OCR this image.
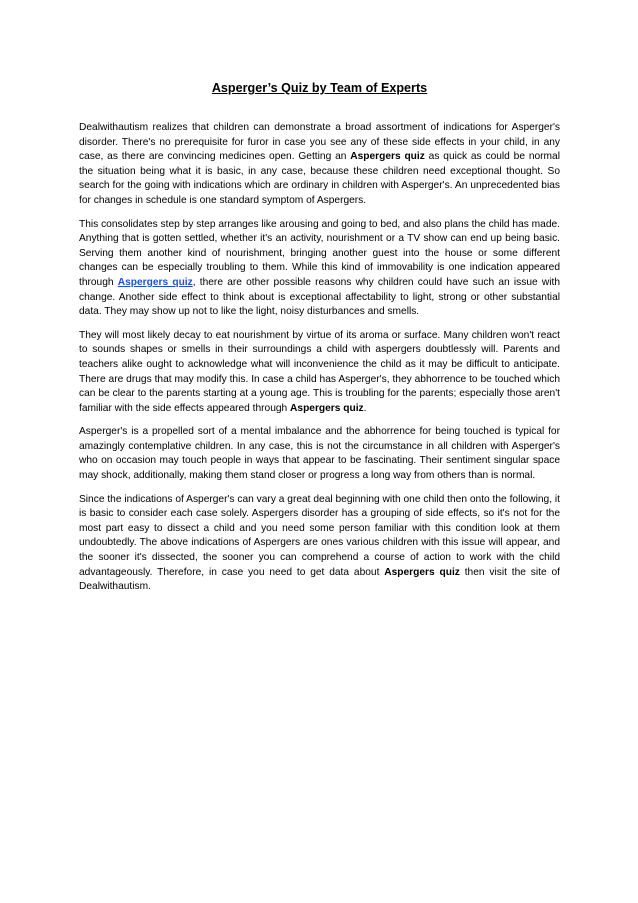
Asperger’s Quiz by Team of Experts

Dealwithautism realizes that children can demonstrate a broad assortment of indications for Asperger's disorder. There's no prerequisite for furor in case you see any of these side effects in your child, in any case, as there are convincing medicines open. Getting an Aspergers quiz as quick as could be normal the situation being what it is basic, in any case, because these children need exceptional thought. So search for the going with indications which are ordinary in children with Asperger's. An unprecedented bias for changes in schedule is one standard symptom of Aspergers.

This consolidates step by step arranges like arousing and going to bed, and also plans the child has made. Anything that is gotten settled, whether it's an activity, nourishment or a TV show can end up being basic. Serving them another kind of nourishment, bringing another guest into the house or some different changes can be especially troubling to them. While this kind of immovability is one indication appeared through Aspergers quiz, there are other possible reasons why children could have such an issue with change. Another side effect to think about is exceptional affectability to light, strong or other substantial data. They may show up not to like the light, noisy disturbances and smells.

They will most likely decay to eat nourishment by virtue of its aroma or surface. Many children won't react to sounds shapes or smells in their surroundings a child with aspergers doubtlessly will. Parents and teachers alike ought to acknowledge what will inconvenience the child as it may be difficult to anticipate. There are drugs that may modify this. In case a child has Asperger's, they abhorrence to be touched which can be clear to the parents starting at a young age. This is troubling for the parents; especially those aren't familiar with the side effects appeared through Aspergers quiz.

Asperger's is a propelled sort of a mental imbalance and the abhorrence for being touched is typical for amazingly contemplative children. In any case, this is not the circumstance in all children with Asperger's who on occasion may touch people in ways that appear to be fascinating. Their sentiment singular space may shock, additionally, making them stand closer or progress a long way from others than is normal.

Since the indications of Asperger's can vary a great deal beginning with one child then onto the following, it is basic to consider each case solely. Aspergers disorder has a grouping of side effects, so it's not for the most part easy to dissect a child and you need some person familiar with this condition look at them undoubtedly. The above indications of Aspergers are ones various children with this issue will appear, and the sooner it's dissected, the sooner you can comprehend a course of action to work with the child advantageously. Therefore, in case you need to get data about Aspergers quiz then visit the site of Dealwithautism.
